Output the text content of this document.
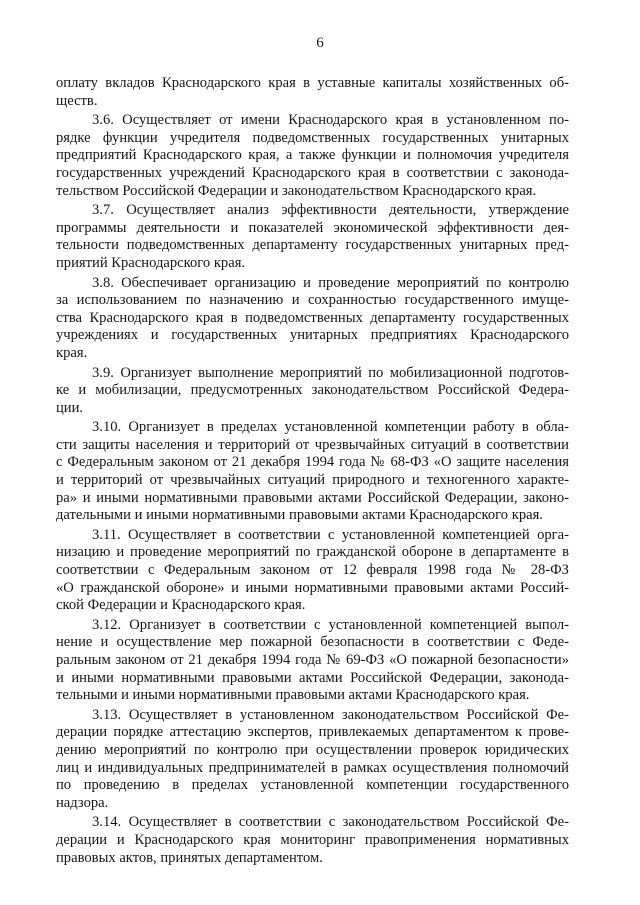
6
оплату вкладов Краснодарского края в уставные капиталы хозяйственных об-
ществ.
3.6. Осуществляет от имени Краснодарского края в установленном по-
рядке функции учредителя подведомственных государственных унитарных
предприятий Краснодарского края, а также функции и полномочия учредителя
государственных учреждений Краснодарского края в соответствии с законода-
тельством Российской Федерации и законодательством Краснодарского края.
3.7. Осуществляет анализ эффективности деятельности, утверждение
программы деятельности и показателей экономической эффективности дея-
тельности подведомственных департаменту государственных унитарных пред-
приятий Краснодарского края.
3.8. Обеспечивает организацию и проведение мероприятий по контролю
за использованием по назначению и сохранностью государственного имуще-
ства Краснодарского края в подведомственных департаменту государственных
учреждениях и государственных унитарных предприятиях Краснодарского
края.
3.9. Организует выполнение мероприятий по мобилизационной подготов-
ке и мобилизации, предусмотренных законодательством Российской Федера-
ции.
3.10. Организует в пределах установленной компетенции работу в обла-
сти защиты населения и территорий от чрезвычайных ситуаций в соответствии
с Федеральным законом от 21 декабря 1994 года № 68-ФЗ «О защите населения
и территорий от чрезвычайных ситуаций природного и техногенного характе-
ра» и иными нормативными правовыми актами Российской Федерации, законо-
дательными и иными нормативными правовыми актами Краснодарского края.
3.11. Осуществляет в соответствии с установленной компетенцией орга-
низацию и проведение мероприятий по гражданской обороне в департаменте в
соответствии с Федеральным законом от 12 февраля 1998 года № 28-ФЗ
«О гражданской обороне» и иными нормативными правовыми актами Россий-
ской Федерации и Краснодарского края.
3.12. Организует в соответствии с установленной компетенцией выпол-
нение и осуществление мер пожарной безопасности в соответствии с Феде-
ральным законом от 21 декабря 1994 года № 69-ФЗ «О пожарной безопасности»
и иными нормативными правовыми актами Российской Федерации, законода-
тельными и иными нормативными правовыми актами Краснодарского края.
3.13. Осуществляет в установленном законодательством Российской Фе-
дерации порядке аттестацию экспертов, привлекаемых департаментом к прове-
дению мероприятий по контролю при осуществлении проверок юридических
лиц и индивидуальных предпринимателей в рамках осуществления полномочий
по проведению в пределах установленной компетенции государственного
надзора.
3.14. Осуществляет в соответствии с законодательством Российской Фе-
дерации и Краснодарского края мониторинг правоприменения нормативных
правовых актов, принятых департаментом.
